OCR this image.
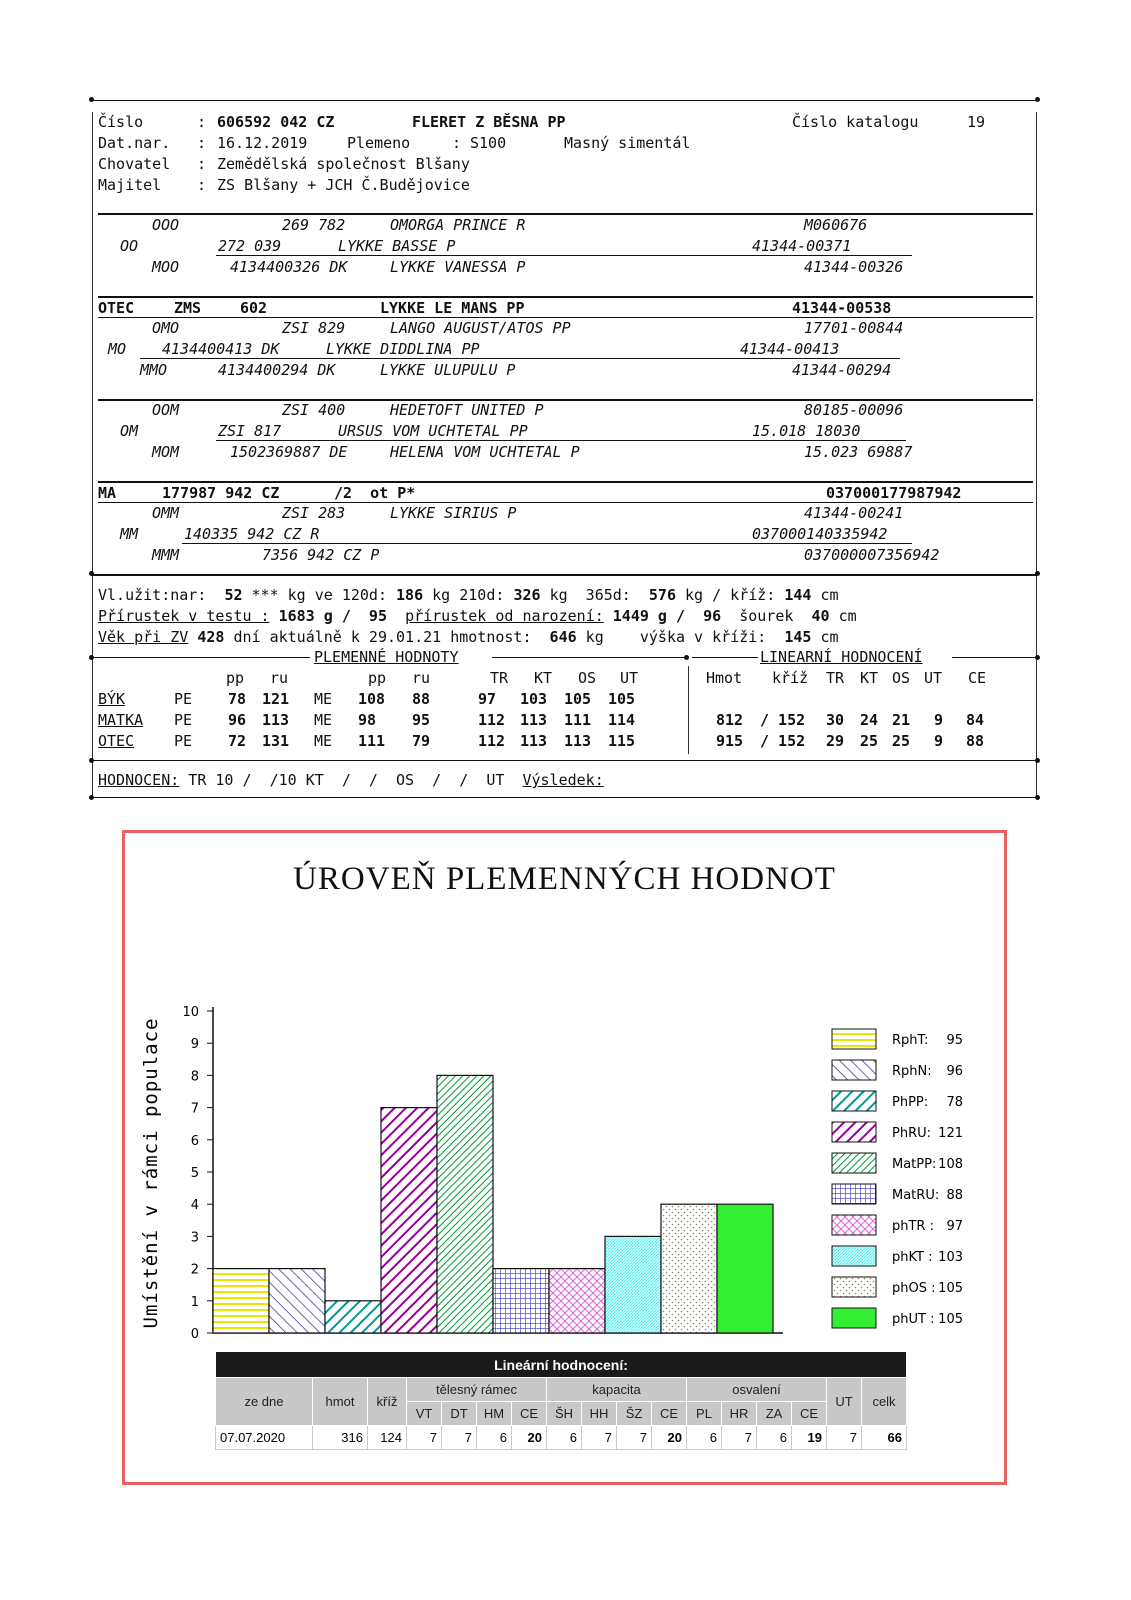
Číslo	: 606592 042 CZ	FLERET Z BĚSNA PP	Číslo katalogu	19
Dat.nar. : 16.12.2019	Plemeno	: S100	Masný simentál
Chovatel : Zemědělská společnost Blšany
Majitel : ZS Blšany + JCH Č.Budějovice
OOO	269 782	OMORGA PRINCE R	M060676
OO	272 039	LYKKE BASSE P	41344-00371
MOO	4134400326 DK	LYKKE VANESSA P	41344-00326
OTEC	ZMS	602	LYKKE LE MANS PP	41344-00538
OMO	ZSI 829	LANGO AUGUST/ATOS PP	17701-00844
MO 4134400413 DK	LYKKE DIDDLINA PP	41344-00413
MMO	4134400294 DK	LYKKE ULUPULU P	41344-00294
OOM	ZSI 400	HEDETOFT UNITED P	80185-00096
OM	ZSI 817	URSUS VOM UCHTETAL PP	15.018 18030
MOM	1502369887 DE	HELENA VOM UCHTETAL P	15.023 69887
MA	177987 942 CZ	/2  ot P*	037000177987942
OMM	ZSI 283	LYKKE SIRIUS P	41344-00241
MM	140335 942 CZ R	037000140335942
MMM	7356 942 CZ P	037000007356942
Vl.užit:nar: 52 *** kg ve 120d: 186 kg 210d: 326 kg  365d: 576 kg / kříž: 144 cm
Přírustek v testu : 1683 g /  95 přírustek od narození: 1449 g /  96 šourek 40 cm
Věk při ZV 428 dní aktuálně k 29.01.21 hmotnost: 646 kg výška v kříži: 145 cm
PLEMENNÉ HODNOTY	LINEARNÍ HODNOCENÍ
pp ru	pp ru	TR KT OS UT	Hmot kříž TR KT OS UT CE
BÝK	PE 78 121 ME 108 88	97 103 105 105
MATKA PE 96 113 ME 98 95	112 113 111 114	812 / 152 30 24 21 9 84
OTEC	PE 72 131 ME 111 79	112 113 113 115	915 / 152 29 25 25 9 88
HODNOCEN: TR 10 /  /10 KT  /  /  OS  /  /  UT  Výsledek:
ÚROVEŇ PLEMENNÝCH HODNOT
0
1
2
3
4
5
6
7
8
9
10
Umístění v rámci populace	RphT: 95
RphN: 96
PhPP: 78
PhRU: 121
MatPP: 108
MatRU: 88
phTR : 97
phKT : 103
phOS : 105
phUT : 105
Lineární hodnocení:																
ze dne	hmot	kříž	tělesný rámec				kapacita				osvalení				UT	celk
			VT	DT	HM	CE	ŠH	HH	ŠZ	CE	PL	HR	ZA	CE		
07.07.2020	316	124	7	7	6	20	6	7	7	20	6	7	6	19	7	66
